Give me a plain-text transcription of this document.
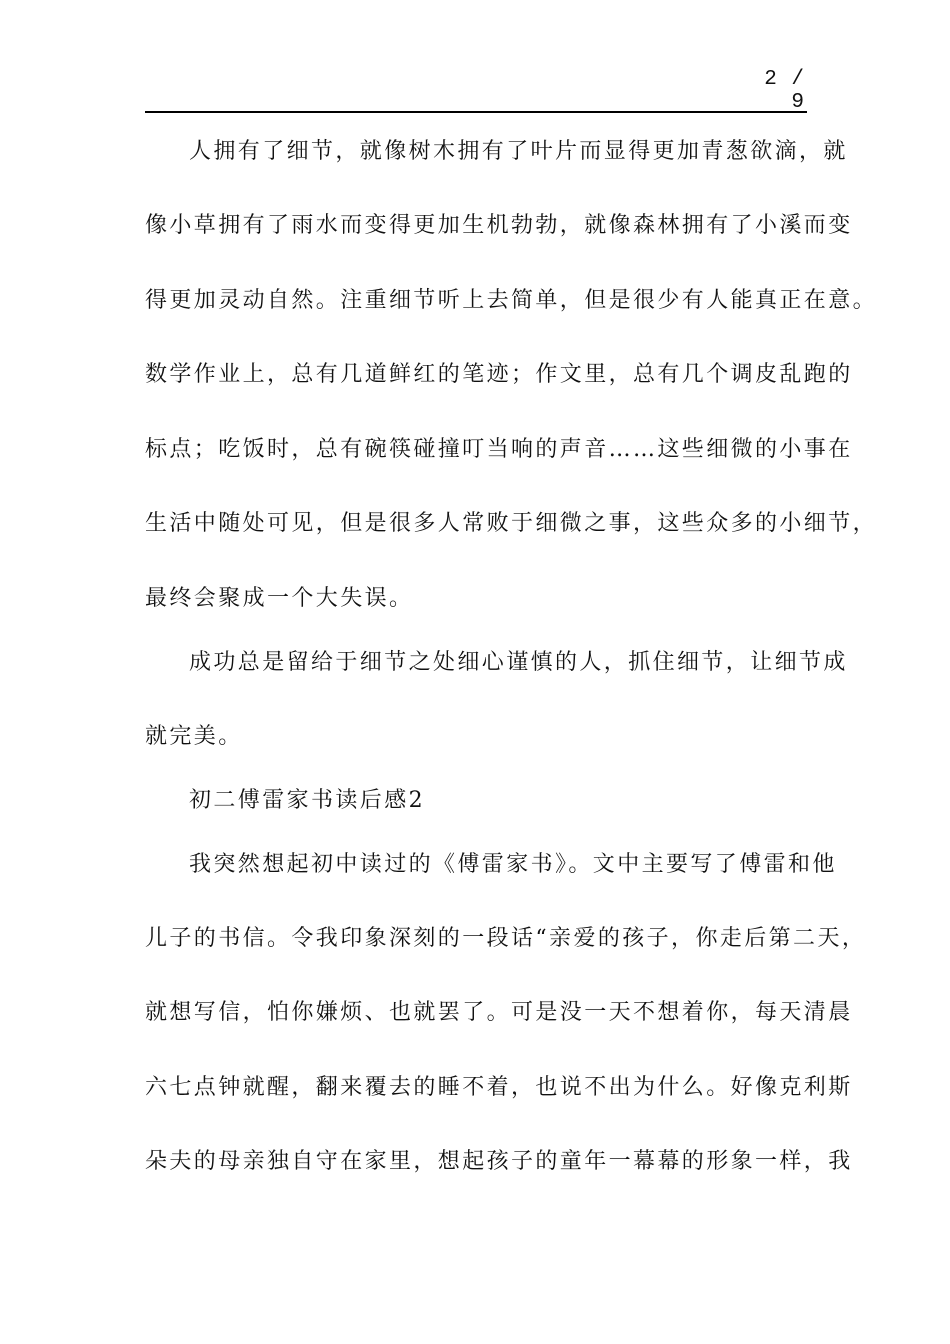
2 / 9
人拥有了细节，就像树木拥有了叶片而显得更加青葱欲滴，就
像小草拥有了雨水而变得更加生机勃勃，就像森林拥有了小溪而变
得更加灵动自然。注重细节听上去简单，但是很少有人能真正在意。
数学作业上，总有几道鲜红的笔迹；作文里，总有几个调皮乱跑的
标点；吃饭时，总有碗筷碰撞叮当响的声音……这些细微的小事在
生活中随处可见，但是很多人常败于细微之事，这些众多的小细节，
最终会聚成一个大失误。
成功总是留给于细节之处细心谨慎的人，抓住细节，让细节成
就完美。
初二傅雷家书读后感2
我突然想起初中读过的《傅雷家书》。文中主要写了傅雷和他
儿子的书信。令我印象深刻的一段话“亲爱的孩子，你走后第二天，
就想写信，怕你嫌烦、也就罢了。可是没一天不想着你，每天清晨
六七点钟就醒，翻来覆去的睡不着，也说不出为什么。好像克利斯
朵夫的母亲独自守在家里，想起孩子的童年一幕幕的形象一样，我
